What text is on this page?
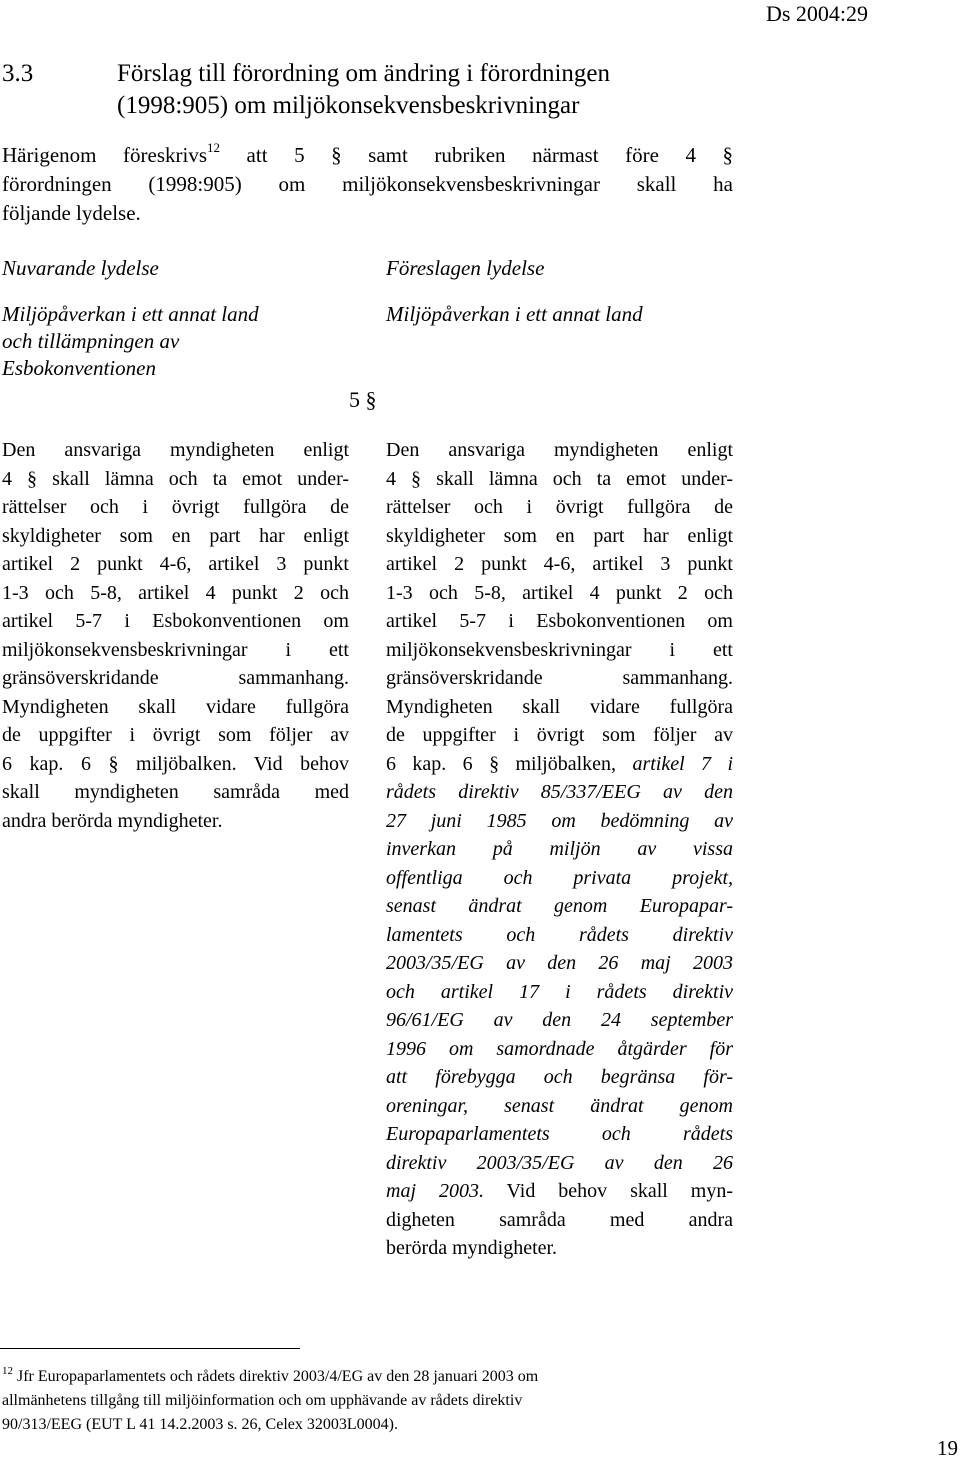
Ds 2004:29
3.3	Förslag till förordning om ändring i förordningen
(1998:905) om miljökonsekvensbeskrivningar
Härigenom föreskrivs$^{12}$ att 5 § samt rubriken närmast före 4 §
förordningen (1998:905) om miljökonsekvensbeskrivningar skall ha
följande lydelse.
Nuvarande lydelse	Föreslagen lydelse
Miljöpåverkan i ett annat land
och tillämpningen av
Esbokonventionen
Miljöpåverkan i ett annat land
5 §
Den ansvariga myndigheten enligt
4 § skall lämna och ta emot under-
rättelser och i övrigt fullgöra de
skyldigheter som en part har enligt
artikel 2 punkt 4-6, artikel 3 punkt
1-3 och 5-8, artikel 4 punkt 2 och
artikel 5-7 i Esbokonventionen om
miljökonsekvensbeskrivningar i ett
gränsöverskridande sammanhang.
Myndigheten skall vidare fullgöra
de uppgifter i övrigt som följer av
6 kap. 6 § miljöbalken. Vid behov
skall myndigheten samråda med
andra berörda myndigheter.
Den ansvariga myndigheten enligt
4 § skall lämna och ta emot under-
rättelser och i övrigt fullgöra de
skyldigheter som en part har enligt
artikel 2 punkt 4-6, artikel 3 punkt
1-3 och 5-8, artikel 4 punkt 2 och
artikel 5-7 i Esbokonventionen om
miljökonsekvensbeskrivningar i ett
gränsöverskridande sammanhang.
Myndigheten skall vidare fullgöra
de uppgifter i övrigt som följer av
6 kap. 6 § miljöbalken, artikel 7 i
rådets direktiv 85/337/EEG av den
27 juni 1985 om bedömning av
inverkan på miljön av vissa
offentliga och privata projekt,
senast ändrat genom Europapar-
lamentets och rådets direktiv
2003/35/EG av den 26 maj 2003
och artikel 17 i rådets direktiv
96/61/EG av den 24 september
1996 om samordnade åtgärder för
att förebygga och begränsa för-
oreningar, senast ändrat genom
Europaparlamentets och rådets
direktiv 2003/35/EG av den 26
maj 2003. Vid behov skall myn-
digheten samråda med andra
berörda myndigheter.
$^{12}$ Jfr Europaparlamentets och rådets direktiv 2003/4/EG av den 28 januari 2003 om
allmänhetens tillgång till miljöinformation och om upphävande av rådets direktiv
90/313/EEG (EUT L 41 14.2.2003 s. 26, Celex 32003L0004).
19
